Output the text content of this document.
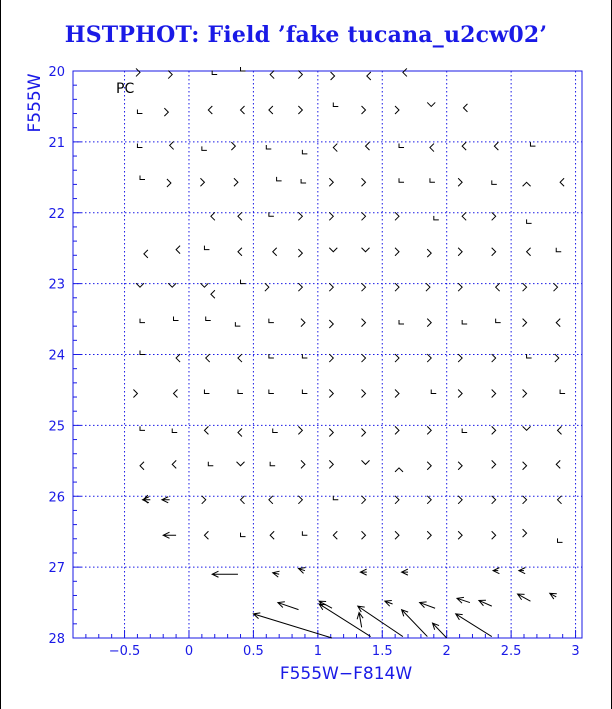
HSTPHOT: Field ’fake tucana_u2cw02’
−0.5	0	0.5	1	1.5	2	2.5	3
20
21
22
23
24
25
26
27
28
PC
F555W−F814W
F555W
